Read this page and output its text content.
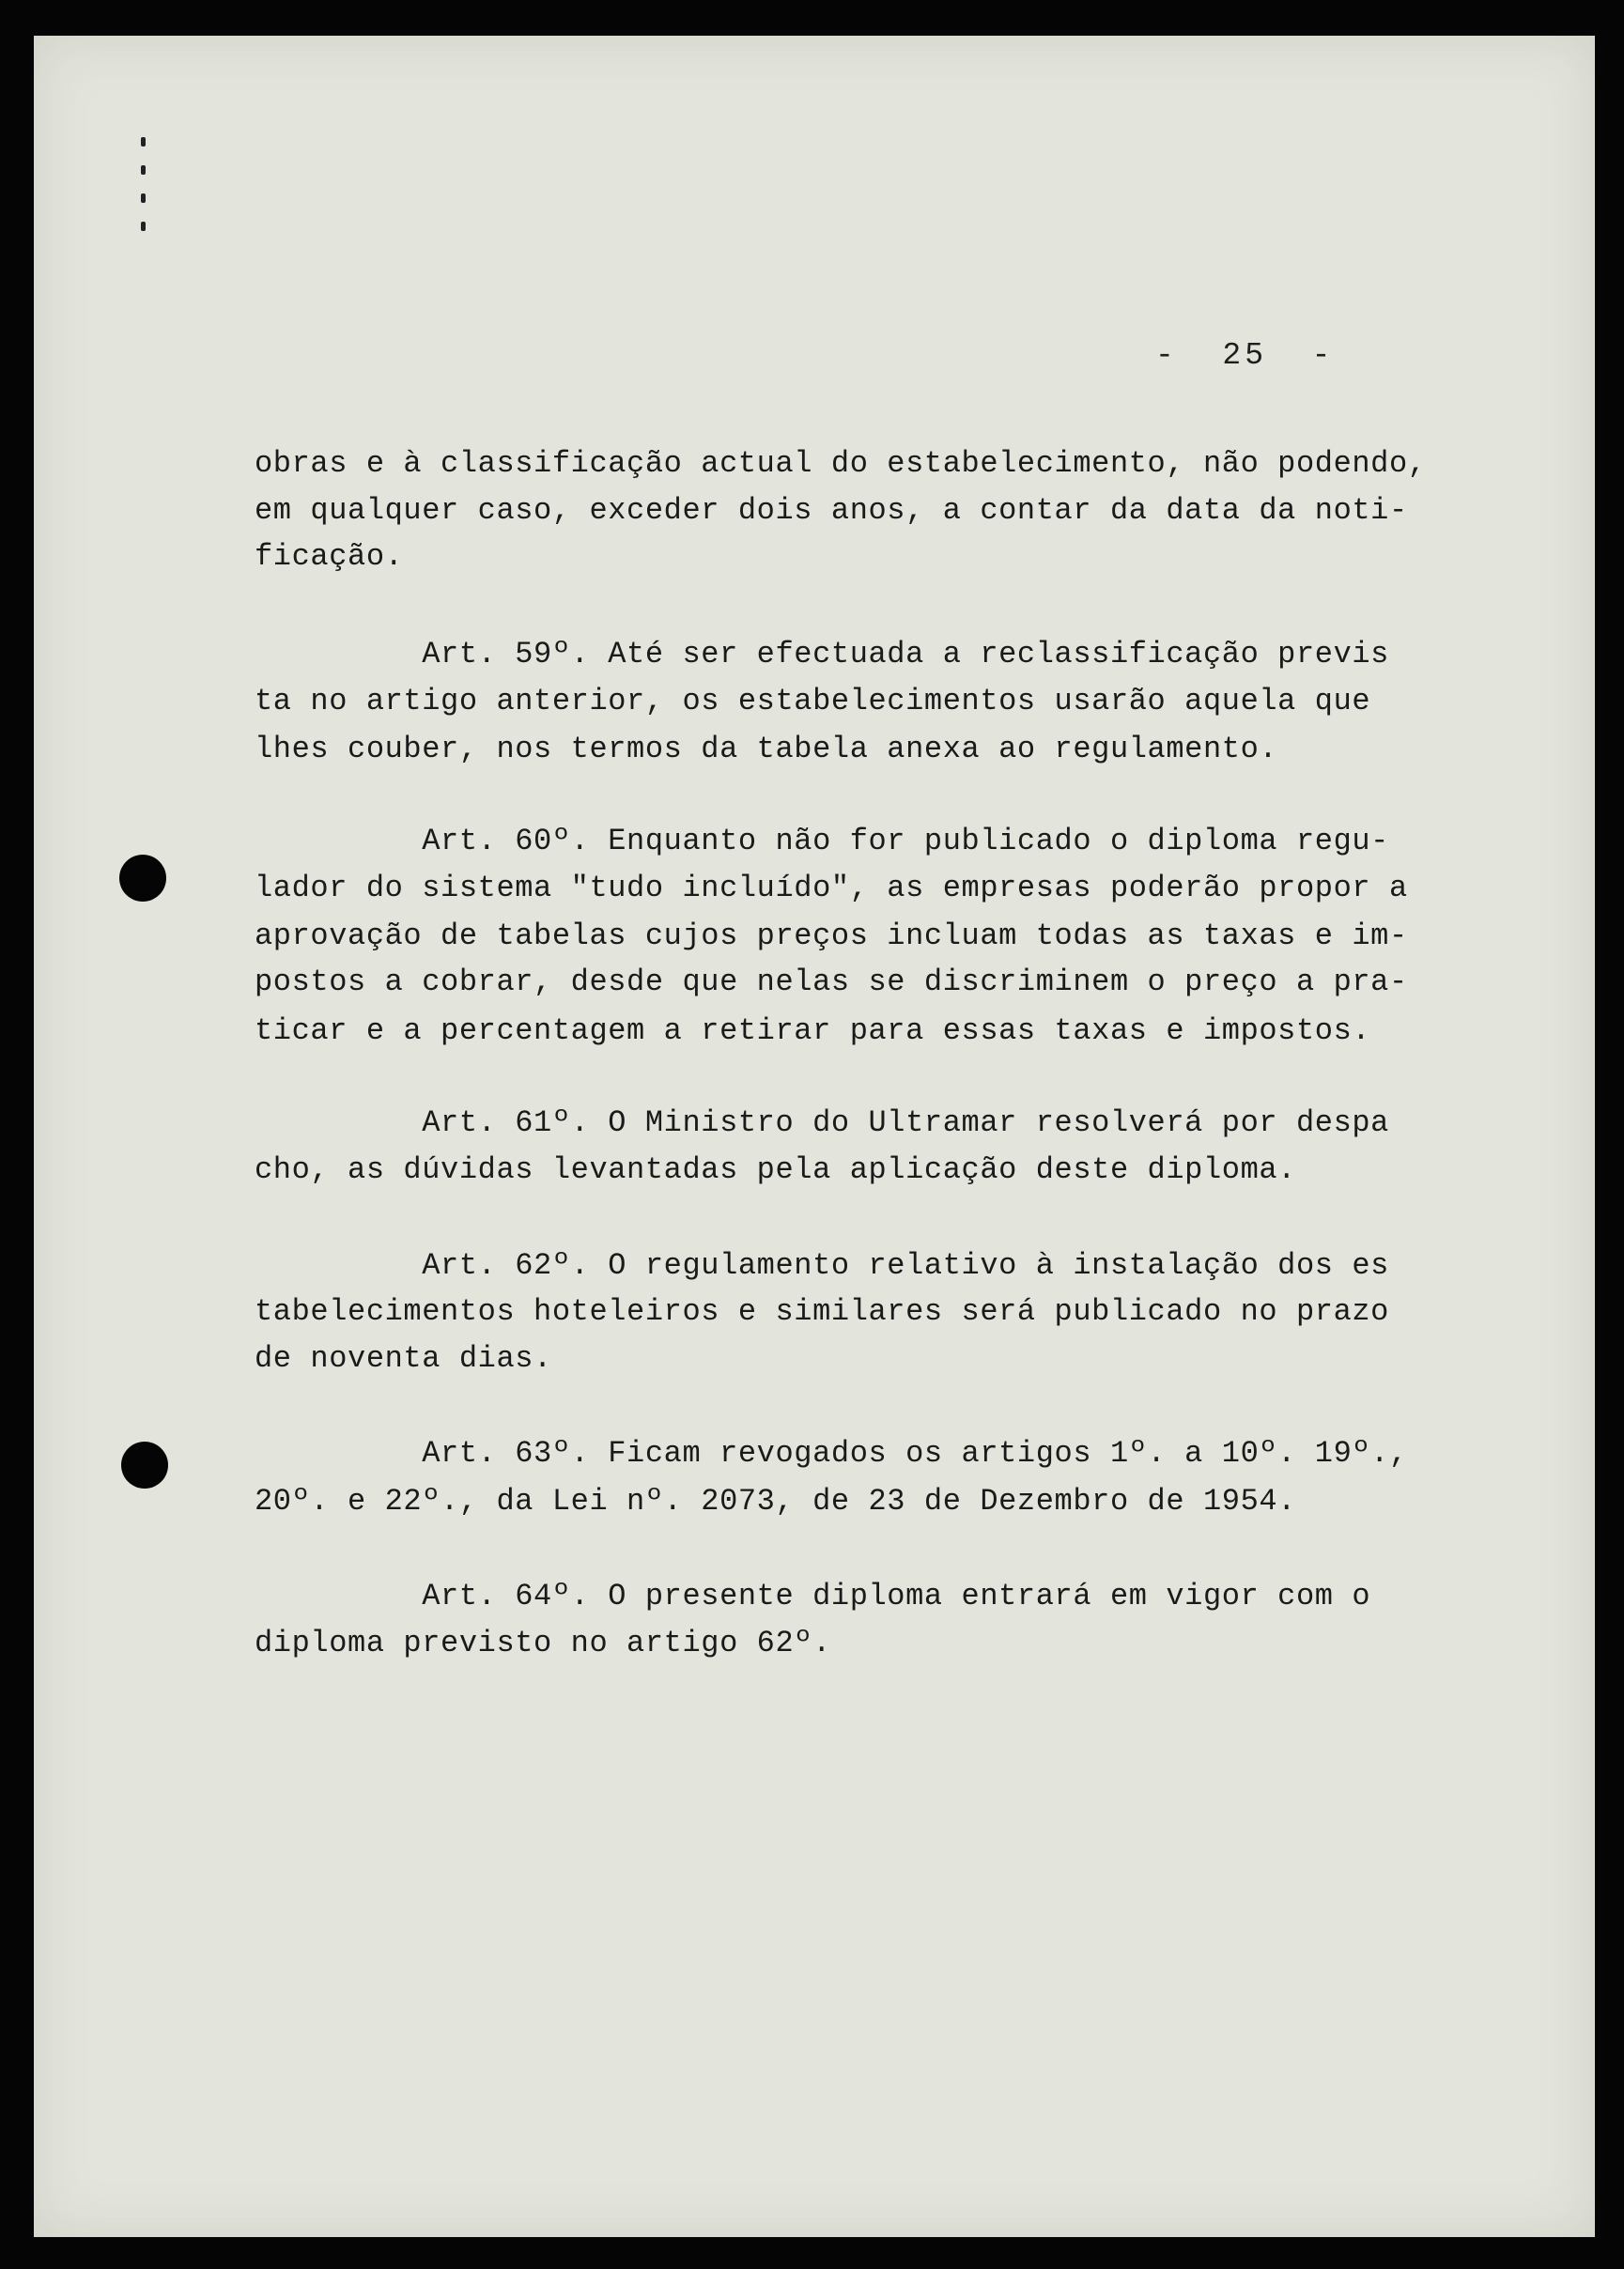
-  25  -

obras e à classificação actual do estabelecimento, não podendo,

em qualquer caso, exceder dois anos, a contar da data da noti-

ficação.

Art. 59º. Até ser efectuada a reclassificação previs

ta no artigo anterior, os estabelecimentos usarão aquela que

lhes couber, nos termos da tabela anexa ao regulamento.

Art. 60º. Enquanto não for publicado o diploma regu-

lador do sistema "tudo incluído", as empresas poderão propor a

aprovação de tabelas cujos preços incluam todas as taxas e im-

postos a cobrar, desde que nelas se discriminem o preço a pra-

ticar e a percentagem a retirar para essas taxas e impostos.

Art. 61º. O Ministro do Ultramar resolverá por despa

cho, as dúvidas levantadas pela aplicação deste diploma.

Art. 62º. O regulamento relativo à instalação dos es

tabelecimentos hoteleiros e similares será publicado no prazo

de noventa dias.

Art. 63º. Ficam revogados os artigos 1º. a 10º. 19º.,

20º. e 22º., da Lei nº. 2073, de 23 de Dezembro de 1954.

Art. 64º. O presente diploma entrará em vigor com o

diploma previsto no artigo 62º.
